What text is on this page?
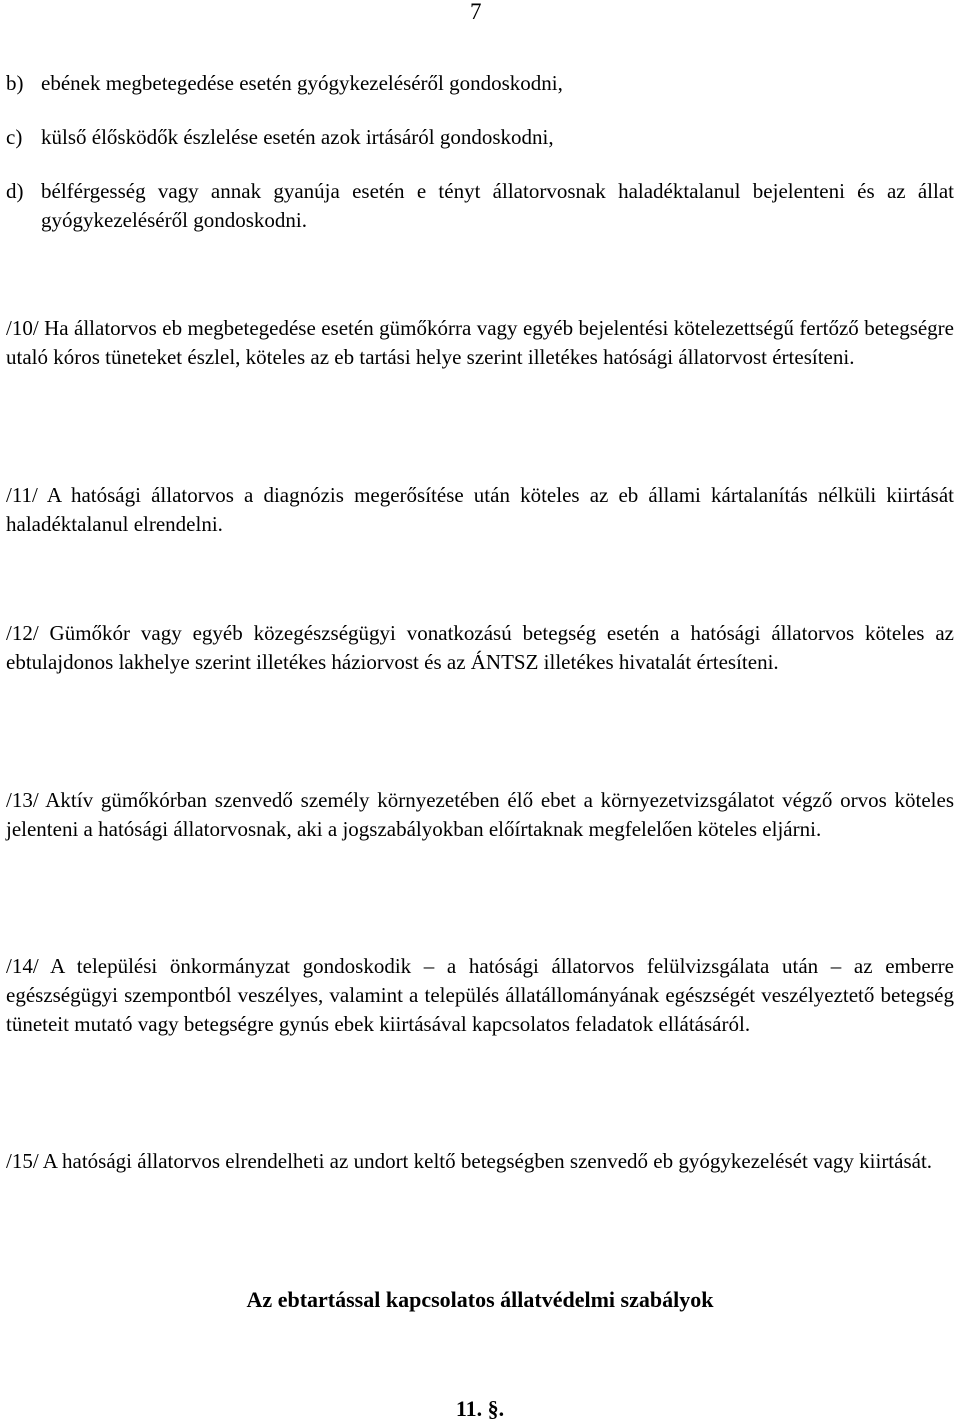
7
b) ebének megbetegedése esetén gyógykezeléséről gondoskodni,
c) külső élősködők észlelése esetén azok irtásáról gondoskodni,
d) bélférgesség vagy annak gyanúja esetén e tényt állatorvosnak haladéktalanul bejelenteni és az állat gyógykezeléséről gondoskodni.
/10/ Ha állatorvos eb megbetegedése esetén gümőkórra vagy egyéb bejelentési kötelezettségű fertőző betegségre utaló kóros tüneteket észlel, köteles az eb tartási helye szerint illetékes hatósági állatorvost értesíteni.
/11/ A hatósági állatorvos a diagnózis megerősítése után köteles az eb állami kártalanítás nélküli kiirtását haladéktalanul elrendelni.
/12/ Gümőkór vagy egyéb közegészségügyi vonatkozású betegség esetén a hatósági állatorvos köteles az ebtulajdonos lakhelye szerint illetékes háziorvost és az ÁNTSZ illetékes hivatalát értesíteni.
/13/ Aktív gümőkórban szenvedő személy környezetében élő ebet a környezetvizsgálatot végző orvos köteles jelenteni a hatósági állatorvosnak, aki a jogszabályokban előírtaknak megfelelően köteles eljárni.
/14/ A települési önkormányzat gondoskodik – a hatósági állatorvos felülvizsgálata után – az emberre egészségügyi szempontból veszélyes, valamint a település állatállományának egészségét veszélyeztető betegség tüneteit mutató vagy betegségre gynús ebek kiirtásával kapcsolatos feladatok ellátásáról.
/15/ A hatósági állatorvos elrendelheti az undort keltő betegségben szenvedő eb gyógykezelését vagy kiirtását.
Az ebtartással kapcsolatos állatvédelmi szabályok
11. §.
